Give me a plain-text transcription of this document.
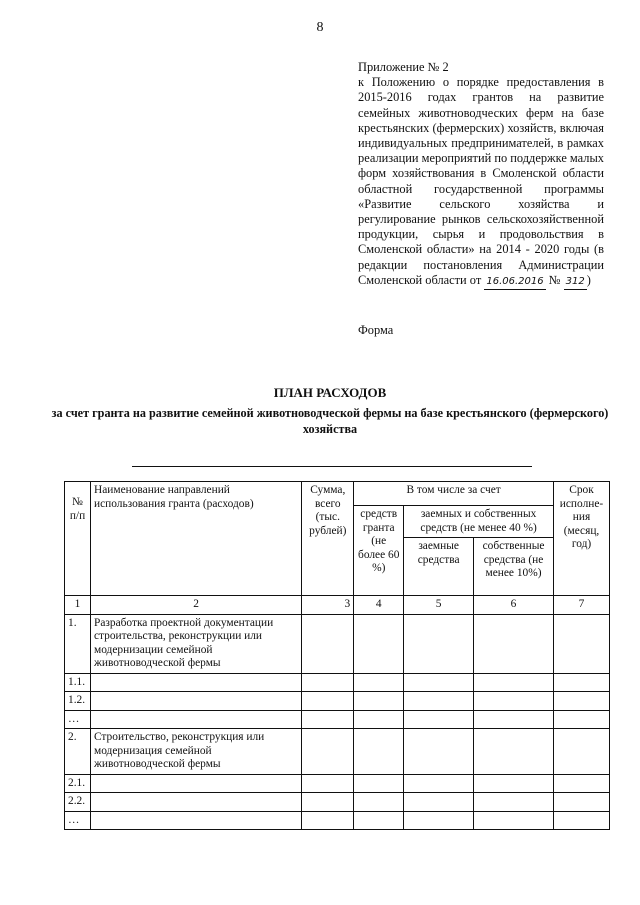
8
Приложение № 2
к Положению о порядке предоставления в 2015-2016 годах грантов на развитие семейных животноводческих ферм на базе крестьянских (фермерских) хозяйств, включая индивидуальных предпринимателей, в рамках реализации мероприятий по поддержке малых форм хозяйствования в Смоленской области областной государственной программы «Развитие сельского хозяйства и регулирование рынков сельскохозяйственной продукции, сырья и продовольствия в Смоленской области» на 2014 - 2020 годы (в редакции постановления Администрации Смоленской области от 16.06.2016 № 312 )
Форма
ПЛАН РАСХОДОВ
за счет гранта на развитие семейной животноводческой фермы на базе крестьянского (фермерского) хозяйства
№ п/п	Наименование направлений использования гранта (расходов)	Сумма, всего (тыс. рублей)	В том числе за счет			Срок исполне-ния (месяц, год)
			средств гранта (не более 60 %)	заемных и собственных средств (не менее 40 %)		
				заемные средства	собственные средства (не менее 10%)	
1	2	3	4	5	6	7
1.	Разработка проектной документации строительства, реконструкции или модернизации семейной животноводческой фермы					
1.1.						
1.2.						
…						
2.	Строительство, реконструкция или модернизация семейной животноводческой фермы					
2.1.						
2.2.						
…						
